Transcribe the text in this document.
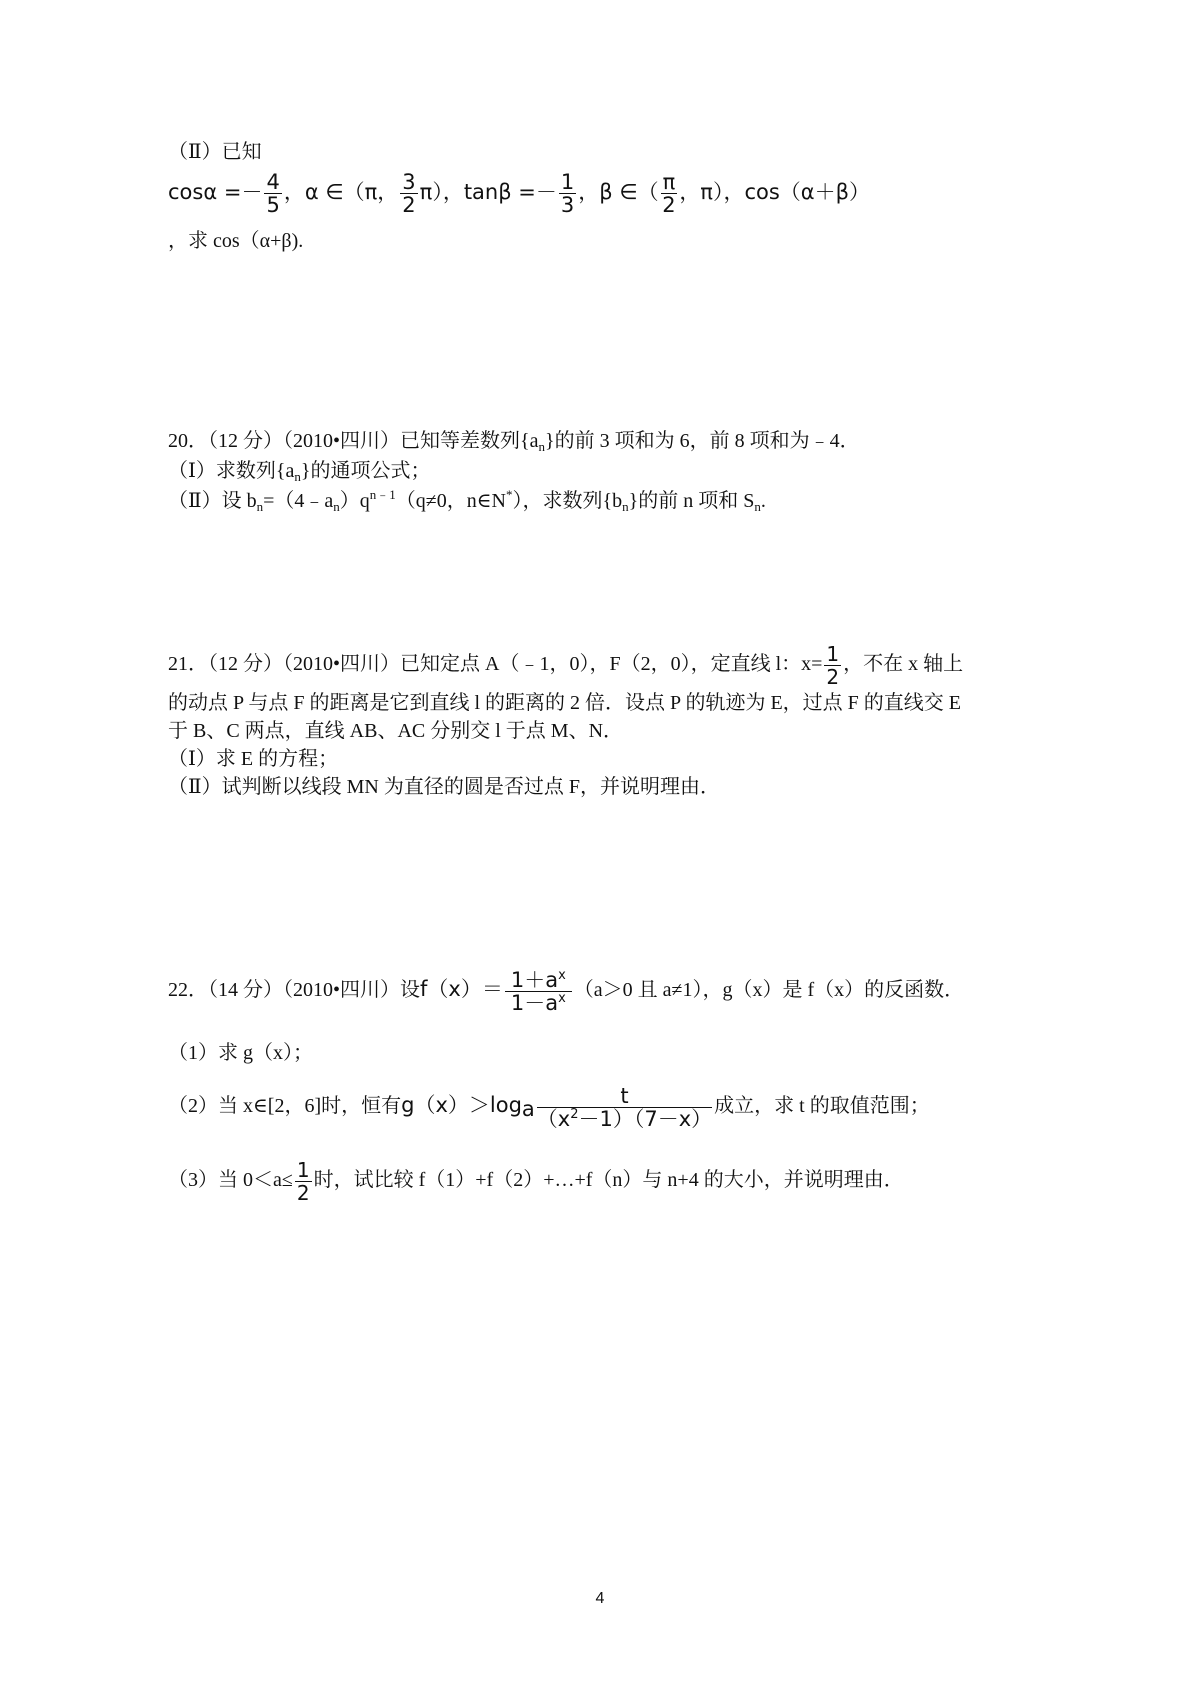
（Ⅱ）已知
$\cos\alpha =- \frac{4}{5}$ ，α ∈（π， $\frac{3}{2} \pi$），$\tan\beta =- \frac{1}{3}$ ，β ∈（ $\frac{\pi}{2}$ ，π），cos（α＋β）
，求 cos（α+β).
20．（12 分）（2010•四川）已知等差数列$\{a_n\}$的前 3 项和为 6，前 8 项和为﹣4．
（Ⅰ）求数列$\{a_n\}$的通项公式；
（Ⅱ）设 $b_n=(4﹣a_n)q^{n﹣1}(q\ne 0$，n∈N*），求数列$\{b_n\}$的前 n 项和 $S_n$.
21．（12 分）（2010•四川）已知定点 A（﹣1，0），F（2，0），定直线 l：$x= \frac{1}{2}$ ，不在 x 轴上
的动点 P 与点 F 的距离是它到直线 l 的距离的 2 倍．设点 P 的轨迹为 E，过点 F 的直线交 E
于 B、C 两点，直线 AB、AC 分别交 l 于点 M、N．
（Ⅰ）求 E 的方程；
（Ⅱ）试判断以线段 MN 为直径的圆是否过点 F，并说明理由．
22．（14 分）（2010•四川）设$f(x)= \frac{1+a^x}{1-a^x} (a>0$ 且 a≠1），g（x）是 f（x）的反函数．
（1）求 g（x）；
（2）当 x∈[2，6]时，恒有$g(x)>\log_a \frac{t}{(x^2-1)(7-x)}$ 成立，求 t 的取值范围；
（3）当 $0<a\le \frac{1}{2}$ 时，试比较 f（1）+f（2）+…+f（n）与 n+4 的大小，并说明理由．
4
